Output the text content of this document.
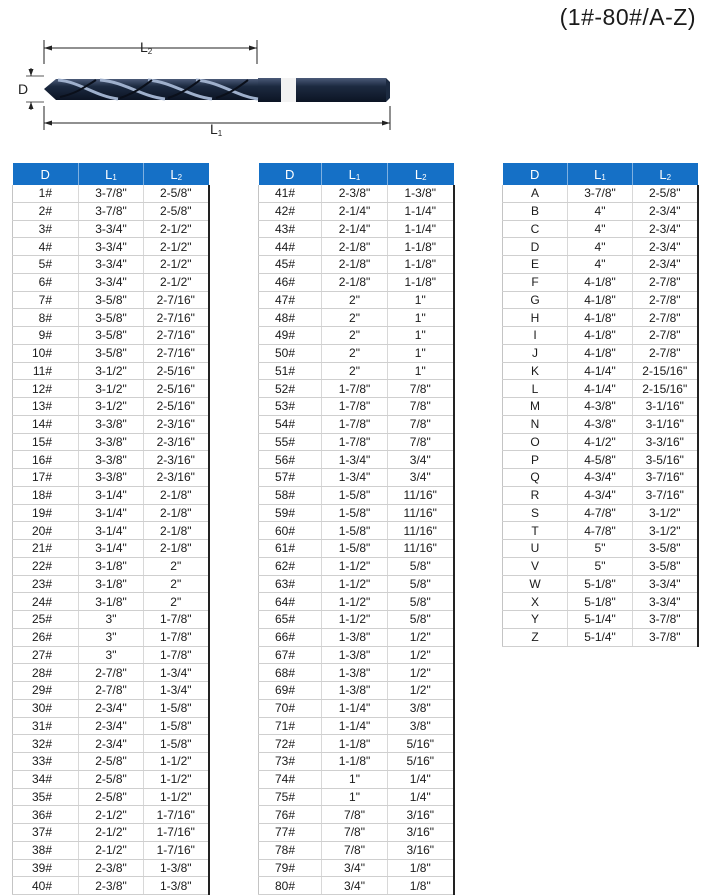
(1#-80#/A-Z)
L2
D
L1
D	$L_1$	$L_2$
1#	3-7/8"	2-5/8"
2#	3-7/8"	2-5/8"
3#	3-3/4"	2-1/2"
4#	3-3/4"	2-1/2"
5#	3-3/4"	2-1/2"
6#	3-3/4"	2-1/2"
7#	3-5/8"	2-7/16"
8#	3-5/8"	2-7/16"
9#	3-5/8"	2-7/16"
10#	3-5/8"	2-7/16"
11#	3-1/2"	2-5/16"
12#	3-1/2"	2-5/16"
13#	3-1/2"	2-5/16"
14#	3-3/8"	2-3/16"
15#	3-3/8"	2-3/16"
16#	3-3/8"	2-3/16"
17#	3-3/8"	2-3/16"
18#	3-1/4"	2-1/8"
19#	3-1/4"	2-1/8"
20#	3-1/4"	2-1/8"
21#	3-1/4"	2-1/8"
22#	3-1/8"	2"
23#	3-1/8"	2"
24#	3-1/8"	2"
25#	3"	1-7/8"
26#	3"	1-7/8"
27#	3"	1-7/8"
28#	2-7/8"	1-3/4"
29#	2-7/8"	1-3/4"
30#	2-3/4"	1-5/8"
31#	2-3/4"	1-5/8"
32#	2-3/4"	1-5/8"
33#	2-5/8"	1-1/2"
34#	2-5/8"	1-1/2"
35#	2-5/8"	1-1/2"
36#	2-1/2"	1-7/16"
37#	2-1/2"	1-7/16"
38#	2-1/2"	1-7/16"
39#	2-3/8"	1-3/8"
40#	2-3/8"	1-3/8"
D	$L_1$	$L_2$
41#	2-3/8"	1-3/8"
42#	2-1/4"	1-1/4"
43#	2-1/4"	1-1/4"
44#	2-1/8"	1-1/8"
45#	2-1/8"	1-1/8"
46#	2-1/8"	1-1/8"
47#	2"	1"
48#	2"	1"
49#	2"	1"
50#	2"	1"
51#	2"	1"
52#	1-7/8"	7/8"
53#	1-7/8"	7/8"
54#	1-7/8"	7/8"
55#	1-7/8"	7/8"
56#	1-3/4"	3/4"
57#	1-3/4"	3/4"
58#	1-5/8"	11/16"
59#	1-5/8"	11/16"
60#	1-5/8"	11/16"
61#	1-5/8"	11/16"
62#	1-1/2"	5/8"
63#	1-1/2"	5/8"
64#	1-1/2"	5/8"
65#	1-1/2"	5/8"
66#	1-3/8"	1/2"
67#	1-3/8"	1/2"
68#	1-3/8"	1/2"
69#	1-3/8"	1/2"
70#	1-1/4"	3/8"
71#	1-1/4"	3/8"
72#	1-1/8"	5/16"
73#	1-1/8"	5/16"
74#	1"	1/4"
75#	1"	1/4"
76#	7/8"	3/16"
77#	7/8"	3/16"
78#	7/8"	3/16"
79#	3/4"	1/8"
80#	3/4"	1/8"
D	$L_1$	$L_2$
A	3-7/8"	2-5/8"
B	4"	2-3/4"
C	4"	2-3/4"
D	4"	2-3/4"
E	4"	2-3/4"
F	4-1/8"	2-7/8"
G	4-1/8"	2-7/8"
H	4-1/8"	2-7/8"
I	4-1/8"	2-7/8"
J	4-1/8"	2-7/8"
K	4-1/4"	2-15/16"
L	4-1/4"	2-15/16"
M	4-3/8"	3-1/16"
N	4-3/8"	3-1/16"
O	4-1/2"	3-3/16"
P	4-5/8"	3-5/16"
Q	4-3/4"	3-7/16"
R	4-3/4"	3-7/16"
S	4-7/8"	3-1/2"
T	4-7/8"	3-1/2"
U	5"	3-5/8"
V	5"	3-5/8"
W	5-1/8"	3-3/4"
X	5-1/8"	3-3/4"
Y	5-1/4"	3-7/8"
Z	5-1/4"	3-7/8"
